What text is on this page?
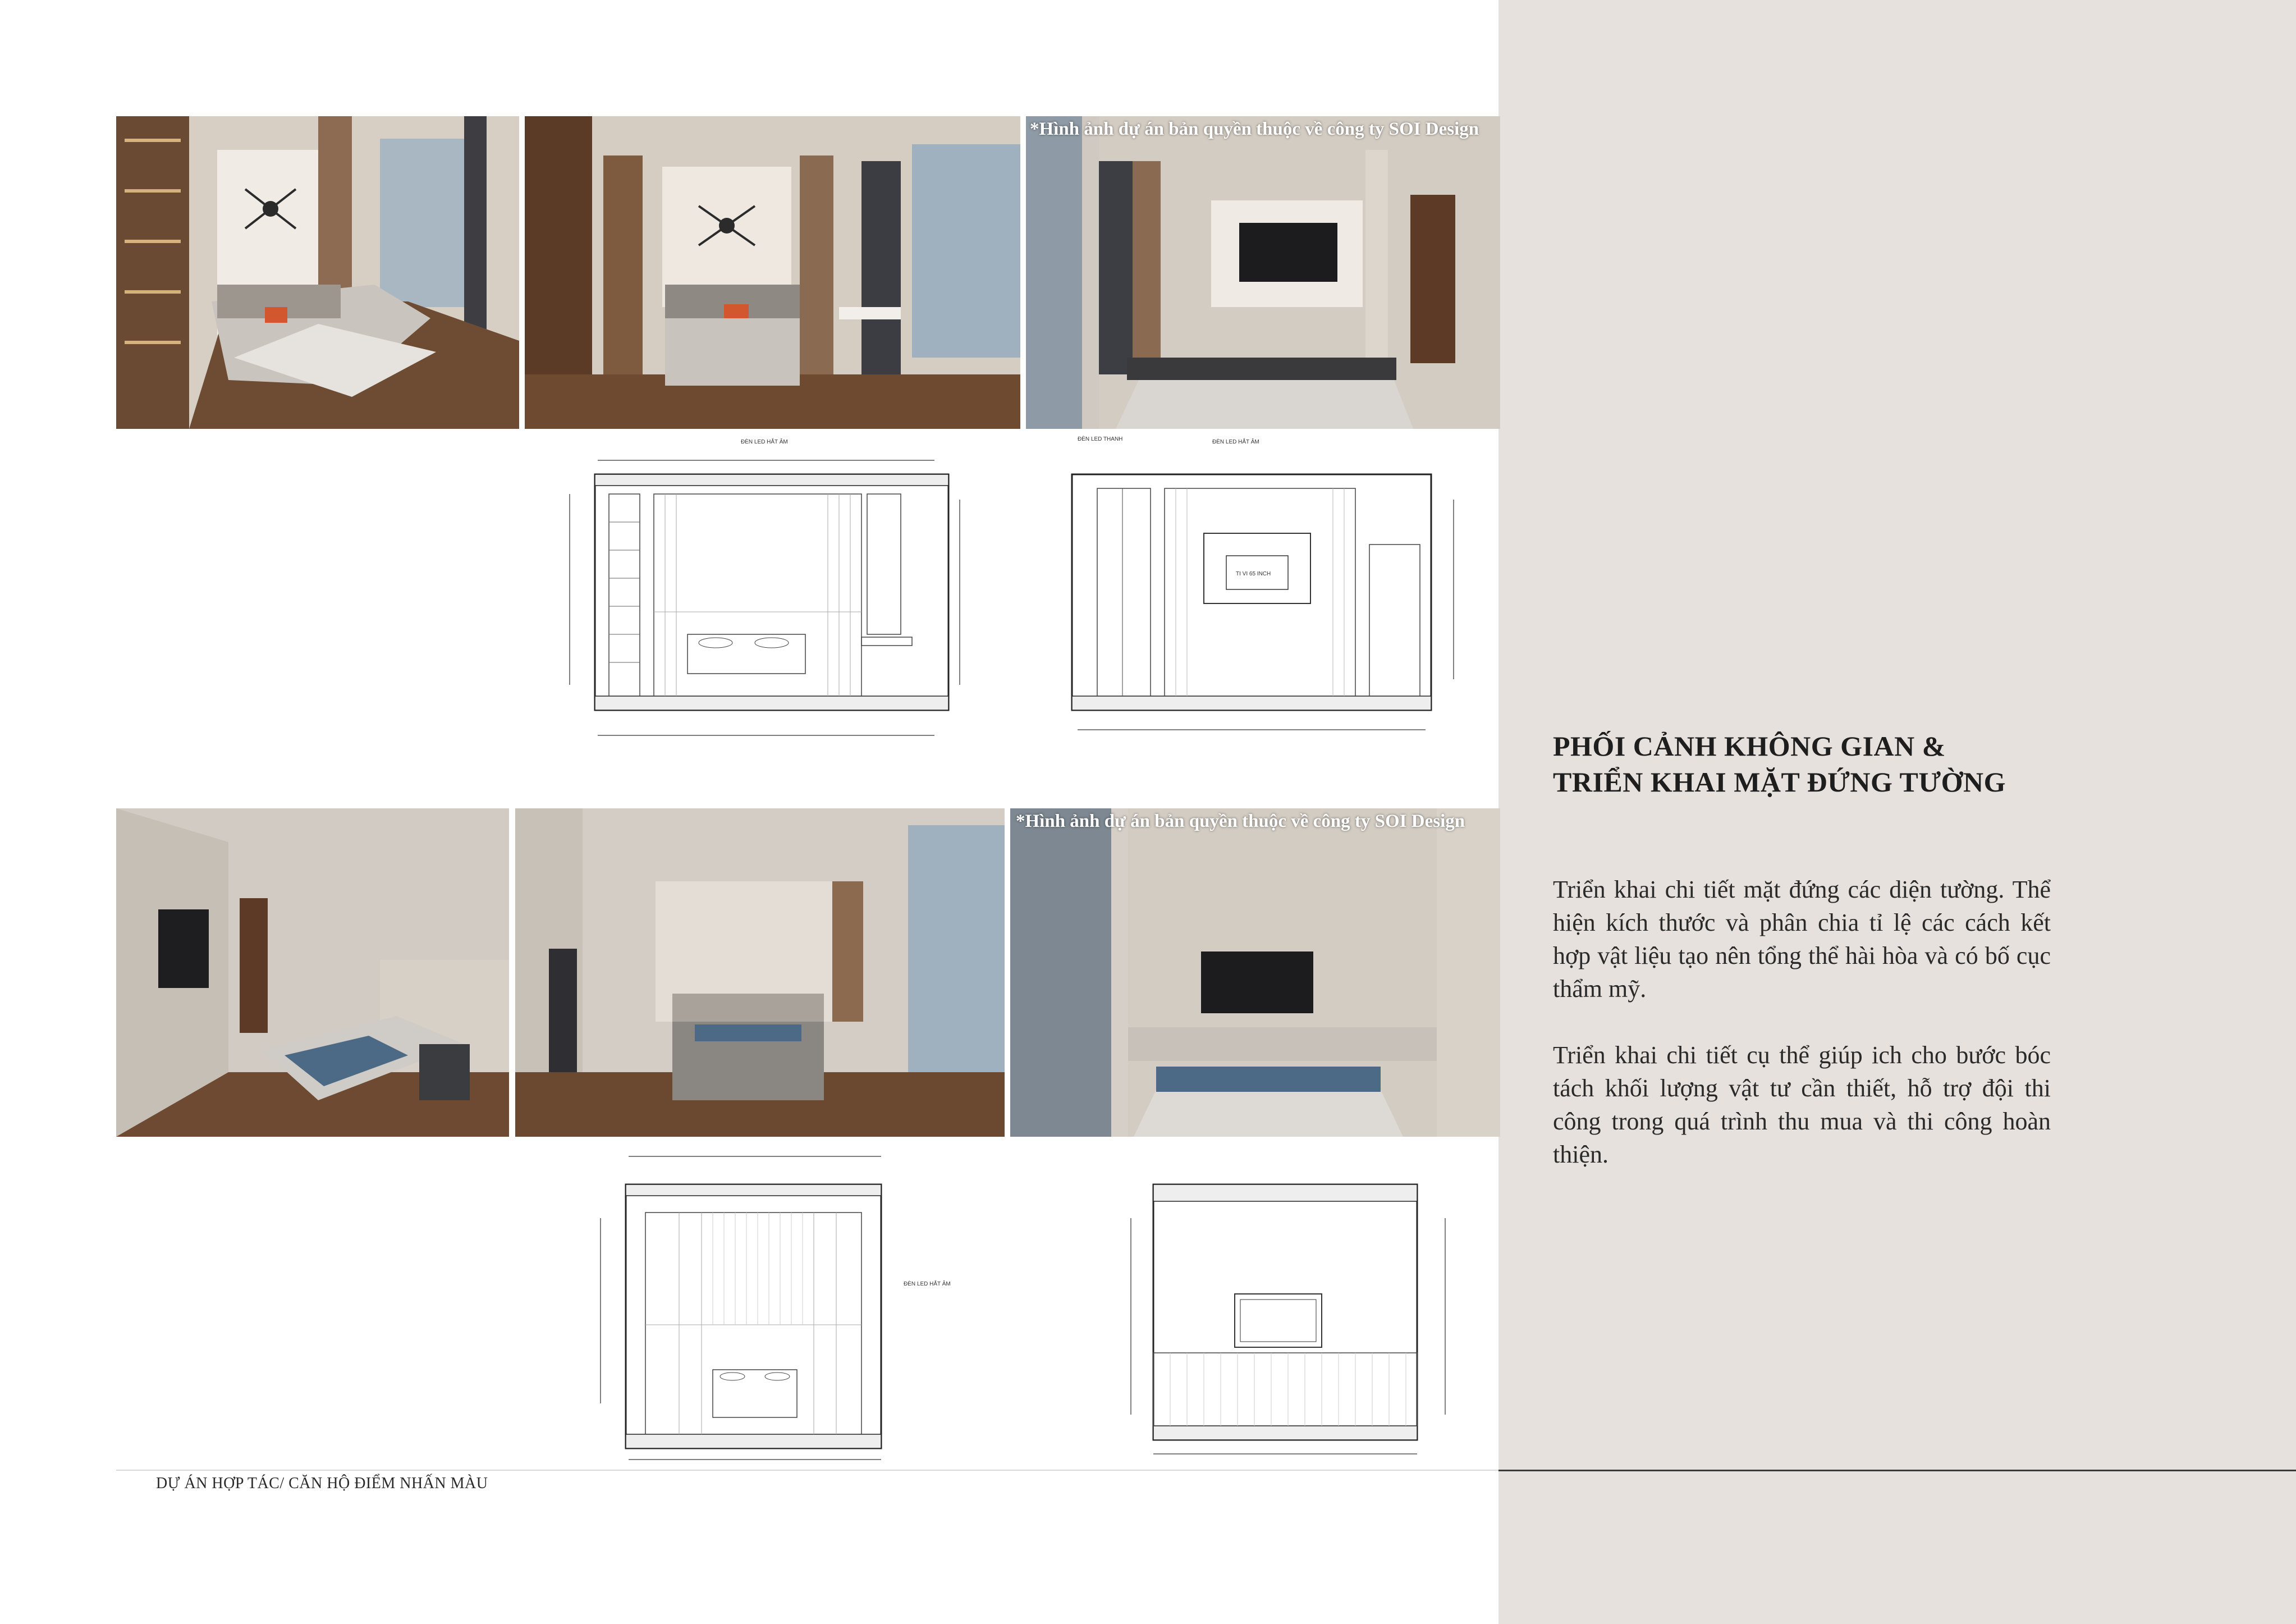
*Hình ảnh dự án bản quyền thuộc về công ty SOI Design
ĐÈN LED HẮT ÂM	ĐÈN LED THANH	ĐÈN LED HẮT ÂM
TI VI 65 INCH
*Hình ảnh dự án bản quyền thuộc về công ty SOI Design
ĐÈN LED HẮT ÂM
PHỐI CẢNH KHÔNG GIAN &
TRIỂN KHAI MẶT ĐỨNG TƯỜNG
Triển khai chi tiết mặt đứng các diện tường. Thể hiện kích thước và phân chia tỉ lệ các cách kết hợp vật liệu tạo nên tổng thể hài hòa và có bố cục thẩm mỹ.
Triển khai chi tiết cụ thể giúp ich cho bước bóc tách khối lượng vật tư cần thiết, hỗ trợ đội thi công trong quá trình thu mua và thi công hoàn thiện.
DỰ ÁN HỢP TÁC/ CĂN HỘ ĐIỂM NHẤN MÀU
